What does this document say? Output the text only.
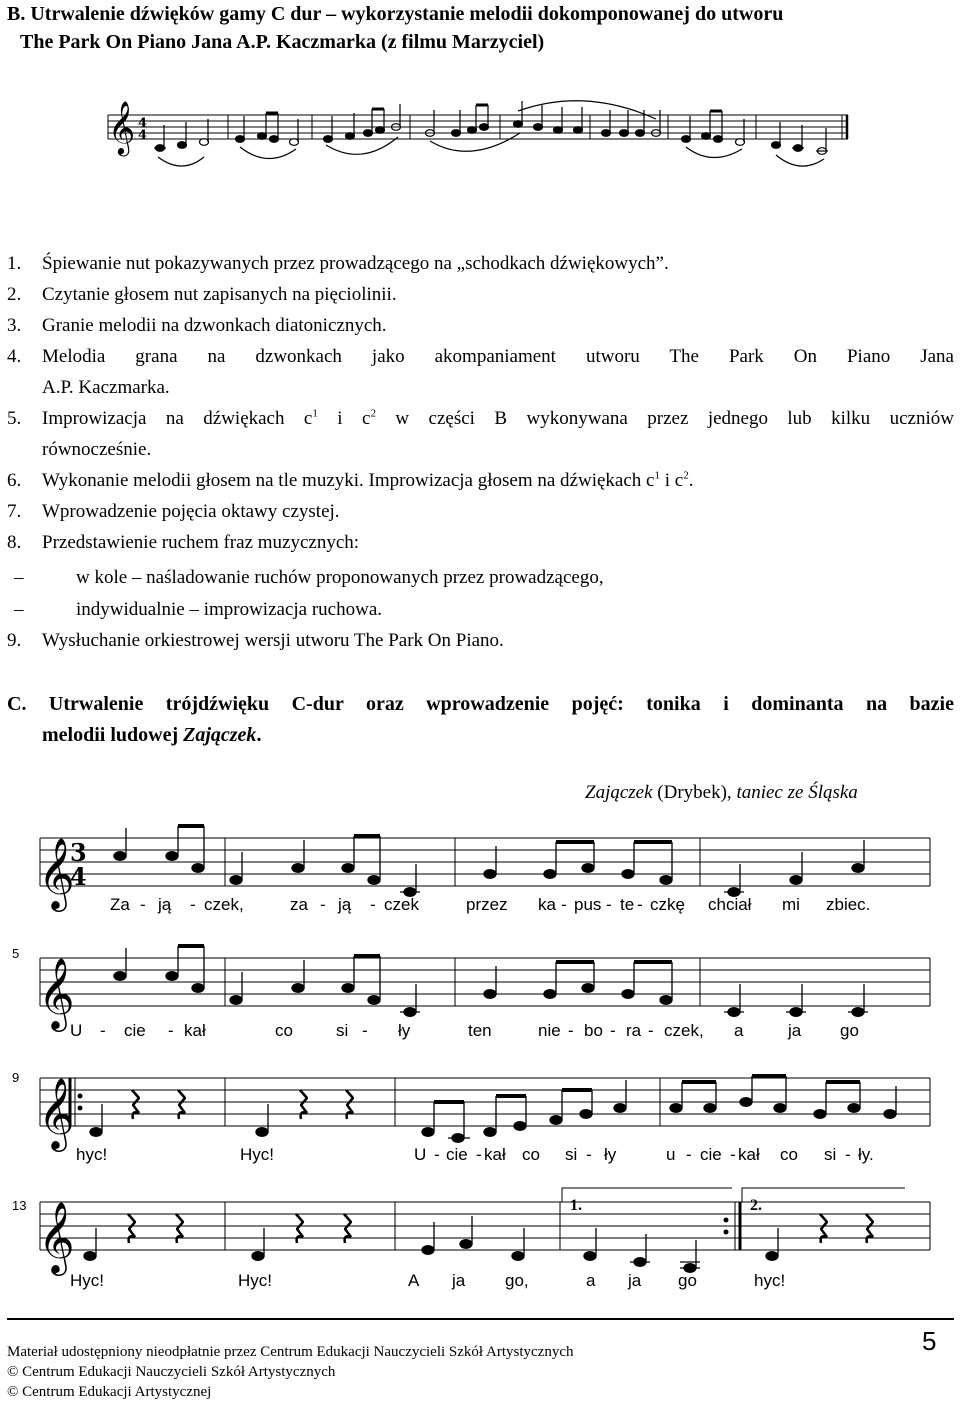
B. Utrwalenie dźwięków gamy C dur – wykorzystanie melodii dokomponowanej do utworu
The Park On Piano Jana A.P. Kaczmarka (z filmu Marzyciel)
𝄞 4
4
1. Śpiewanie nut pokazywanych przez prowadzącego na „schodkach dźwiękowych”.
2. Czytanie głosem nut zapisanych na pięciolinii.
3. Granie melodii na dzwonkach diatonicznych.
4. Melodia grana na dzwonkach jako akompaniament utworu The Park On Piano Jana
A.P. Kaczmarka.
5. Improwizacja na dźwiękach $c^1$ i $c^2$ w części B wykonywana przez jednego lub kilku uczniów
równocześnie.
6. Wykonanie melodii głosem na tle muzyki. Improwizacja głosem na dźwiękach $c^1$ i $c^2$.
7. Wprowadzenie pojęcia oktawy czystej.
8. Przedstawienie ruchem fraz muzycznych:
–	w kole – naśladowanie ruchów proponowanych przez prowadzącego,
–	indywidualnie – improwizacja ruchowa.
9. Wysłuchanie orkiestrowej wersji utworu The Park On Piano.
C. Utrwalenie trójdźwięku C-dur oraz wprowadzenie pojęć: tonika i dominanta na bazie
melodii ludowej Zajączek.
Zajączek (Drybek), taniec ze Śląska
𝄞
𝄞
𝄞
𝄞
3
4
5
9
13	1.	2.
Za - ją - czek,	za - ją - czek	przez ka - pus - te - czkę chciał mi zbiec.
U - cie - kał	co	si - ły	ten	nie - bo - ra - czek, a	ja go
hyc!	Hyc!	U - cie - kał co si - ły	u - cie - kał co si - ły.
Hyc!	Hyc!	A ja go,	a ja go	hyc!
Materiał udostępniony nieodpłatnie przez Centrum Edukacji Nauczycieli Szkół Artystycznych
© Centrum Edukacji Nauczycieli Szkół Artystycznych
© Centrum Edukacji Artystycznej
5
